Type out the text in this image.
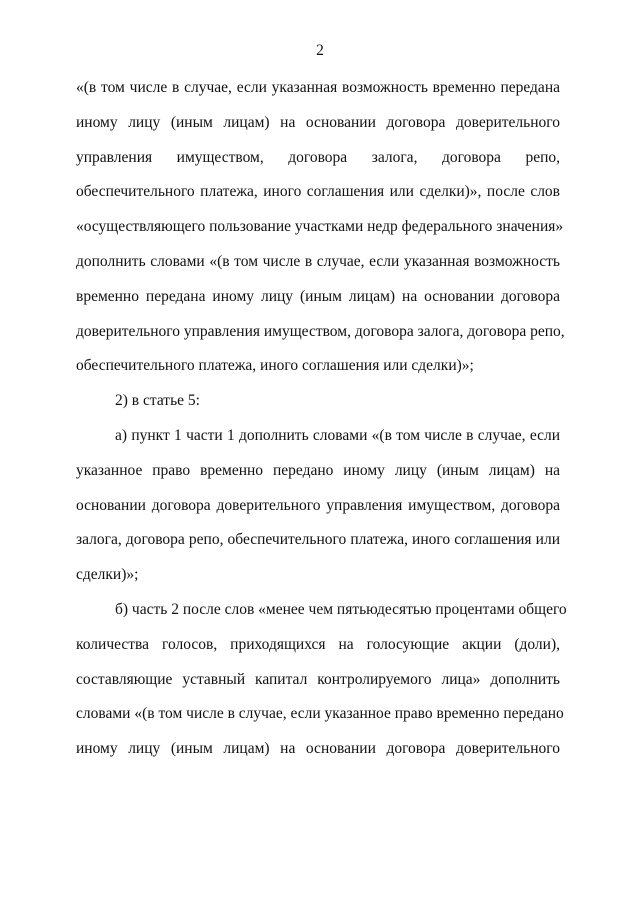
2
«(в том числе в случае, если указанная возможность временно передана
иному лицу (иным лицам) на основании договора доверительного
управления имуществом, договора залога, договора репо,
обеспечительного платежа, иного соглашения или сделки)», после слов
«осуществляющего пользование участками недр федерального значения»
дополнить словами «(в том числе в случае, если указанная возможность
временно передана иному лицу (иным лицам) на основании договора
доверительного управления имуществом, договора залога, договора репо,
обеспечительного платежа, иного соглашения или сделки)»;
2) в статье 5:
а) пункт 1 части 1 дополнить словами «(в том числе в случае, если
указанное право временно передано иному лицу (иным лицам) на
основании договора доверительного управления имуществом, договора
залога, договора репо, обеспечительного платежа, иного соглашения или
сделки)»;
б) часть 2 после слов «менее чем пятьюдесятью процентами общего
количества голосов, приходящихся на голосующие акции (доли),
составляющие уставный капитал контролируемого лица» дополнить
словами «(в том числе в случае, если указанное право временно передано
иному лицу (иным лицам) на основании договора доверительного
